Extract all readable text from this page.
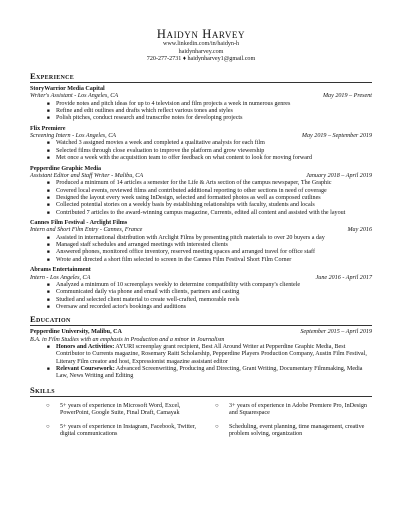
Haidyn Harvey
www.linkedin.com/in/haidyn-h
haidynharvey.com
720-277-2731 ♦ haidynharvey1@gmail.com
Experience
StoryWarrior Media Capital
Writer's Assistant - Los Angeles, CA	May 2019 – Present
■ Provide notes and pitch ideas for up to 4 television and film projects a week in numerous genres
■ Refine and edit outlines and drafts which reflect various tones and styles
■ Polish pitches, conduct research and transcribe notes for developing projects
Flix Premiere
Screening Intern - Los Angeles, CA	May 2019 – September 2019
■ Watched 3 assigned movies a week and completed a qualitative analysis for each film
■ Selected films through close evaluation to improve the platform and grow viewership
■ Met once a week with the acquisition team to offer feedback on what content to look for moving forward
Pepperdine Graphic Media
Assistant Editor and Staff Writer - Malibu, CA	January 2018 – April 2019
■ Produced a minimum of 14 articles a semester for the Life & Arts section of the campus newspaper, The Graphic
■ Covered local events, reviewed films and contributed additional reporting to other sections in need of coverage
■ Designed the layout every week using InDesign, selected and formatted photos as well as composed cutlines
■ Collected potential stories on a weekly basis by establishing relationships with faculty, students and locals
■ Contributed 7 articles to the award-winning campus magazine, Currents, edited all content and assisted with the layout
Cannes Film Festival - Arclight Films
Intern and Short Film Entry - Cannes, France	May 2016
■ Assisted in international distribution with Arclight Films by presenting pitch materials to over 20 buyers a day
■ Managed staff schedules and arranged meetings with interested clients
■ Answered phones, monitored office inventory, reserved meeting spaces and arranged travel for office staff
■ Wrote and directed a short film selected to screen in the Cannes Film Festival Short Film Corner
Abrams Entertainment
Intern - Los Angeles, CA	June 2016 - April 2017
■ Analyzed a minimum of 10 screenplays weekly to determine compatibility with company's clientele
■ Communicated daily via phone and email with clients, partners and casting
■ Studied and selected client material to create well-crafted, memorable reels
■ Oversaw and recorded actor's bookings and auditions
Education
Pepperdine University, Malibu, CA	September 2015 – April 2019
B.A. in Film Studies with an emphasis in Production and a minor in Journalism
■ Honors and Activities: AYURI screenplay grant recipient, Best All Around Writer at Pepperdine Graphic Media, Best Contributor to Currents magazine, Rosemary Raitt Scholarship, Pepperdine Players Production Company, Austin Film Festival, Literary Film creator and host, Expressionist magazine assistant editor
■ Relevant Coursework: Advanced Screenwriting, Producing and Directing, Grant Writing, Documentary Filmmaking, Media Law, News Writing and Editing
Skills
○	5+ years of experience in Microsoft Word, Excel, PowerPoint, Google Suite, Final Draft, Camayak
○	3+ years of experience in Adobe Premiere Pro, InDesign and Squarespace
○	5+ years of experience in Instagram, Facebook, Twitter, digital communications
○	Scheduling, event planning, time management, creative problem solving, organization
